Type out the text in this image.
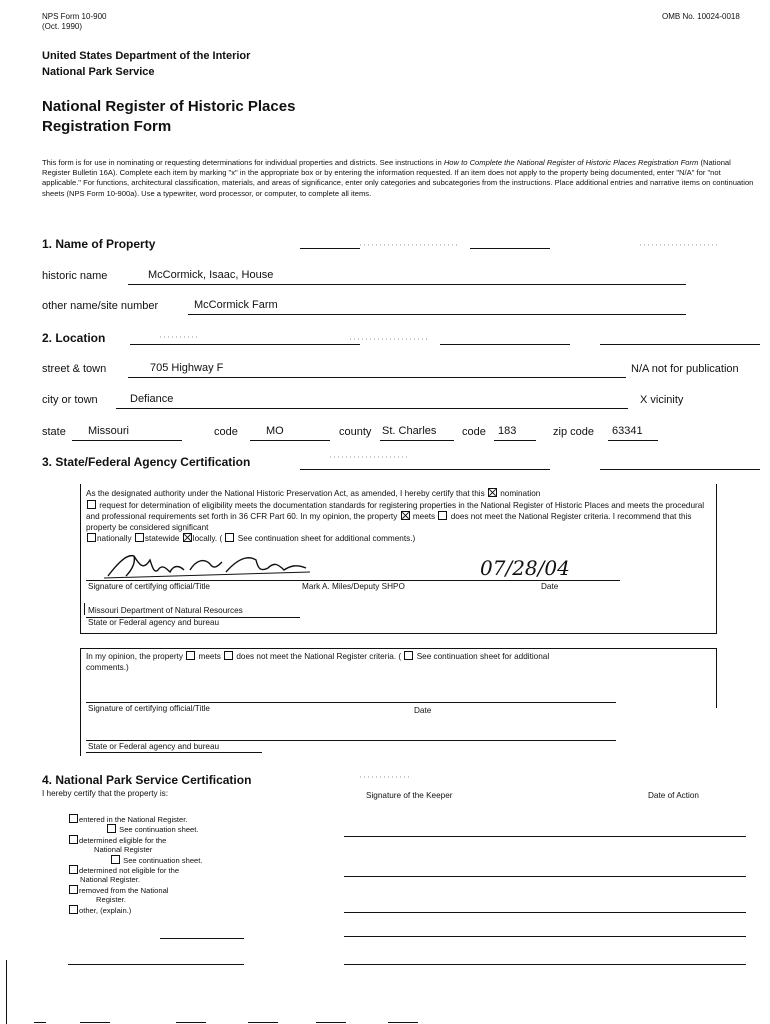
NPS Form 10-900
(Oct. 1990)
OMB No. 10024-0018
United States Department of the Interior
National Park Service
National Register of Historic Places
Registration Form
This form is for use in nominating or requesting determinations for individual properties and districts. See instructions in How to Complete the National Register of Historic Places Registration Form (National Register Bulletin 16A). Complete each item by marking "x" in the appropriate box or by entering the information requested. If an item does not apply to the property being documented, enter "N/A" for "not applicable." For functions, architectural classification, materials, and areas of significance, enter only categories and subcategories from the instructions. Place additional entries and narrative items on continuation sheets (NPS Form 10-900a). Use a typewriter, word processor, or computer, to complete all items.
1. Name of Property
historic name	McCormick, Isaac, House
other name/site number	McCormick Farm
2. Location
street & town	705 Highway F	N/A not for publication
city or town	Defiance	X vicinity
state Missouri	code	MO	county St. Charles code 183	zip code 63341
3. State/Federal Agency Certification
As the designated authority under the National Historic Preservation Act, as amended, I hereby certify that this nomination
request for determination of eligibility meets the documentation standards for registering properties in the National Register of Historic Places and meets the procedural and professional requirements set forth in 36 CFR Part 60. In my opinion, the property meets does not meet the National Register criteria. I recommend that this property be considered significant
nationally statewide locally. ( See continuation sheet for additional comments.)
07/28/04
Signature of certifying official/Title	Mark A. Miles/Deputy SHPO	Date
Missouri Department of Natural Resources
State or Federal agency and bureau
In my opinion, the property meets does not meet the National Register criteria. ( See continuation sheet for additional
comments.)
Signature of certifying official/Title	Date
State or Federal agency and bureau
4. National Park Service Certification
I hereby certify that the property is:	Signature of the Keeper	Date of Action
entered in the National Register.
See continuation sheet.
determined eligible for the
National Register
See continuation sheet.
determined not eligible for the
National Register.
removed from the National
Register.
other, (explain.)
